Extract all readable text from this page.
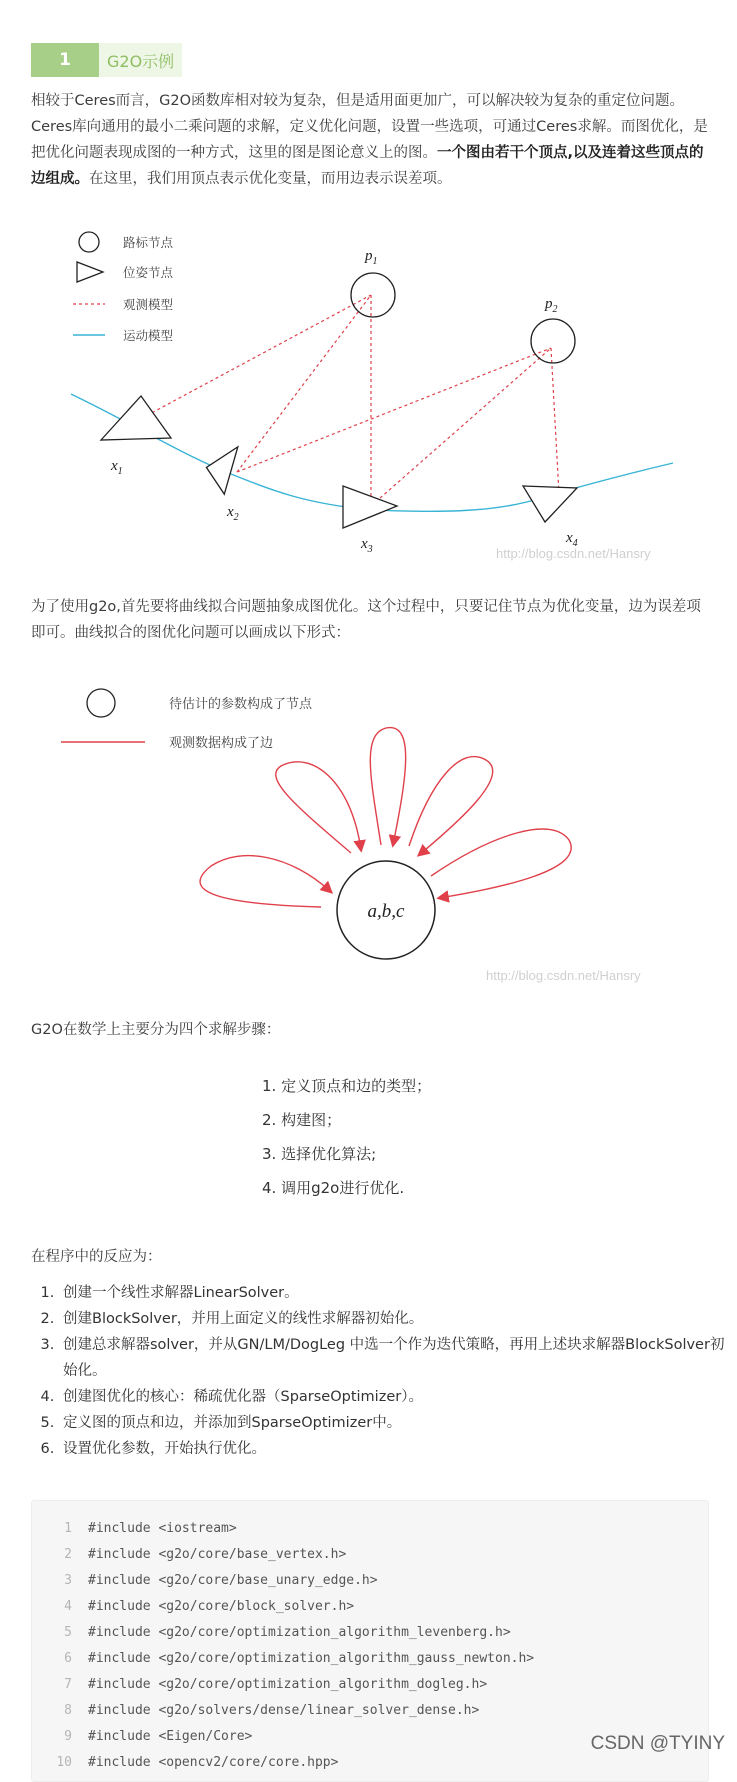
1	G2O示例
相较于Ceres而言，G2O函数库相对较为复杂，但是适用面更加广，可以解决较为复杂的重定位问题。Ceres库向通用的最小二乘问题的求解，定义优化问题，设置一些选项，可通过Ceres求解。而图优化，是把优化问题表现成图的一种方式，这里的图是图论意义上的图。一个图由若干个顶点,以及连着这些顶点的边组成。在这里，我们用顶点表示优化变量，而用边表示误差项。
路标节点
位姿节点
观测模型
运动模型
$p_1$
$p_2$
$x_1$
$x_2$
$x_3$
$x_4$
http://blog.csdn.net/Hansry
为了使用g2o,首先要将曲线拟合问题抽象成图优化。这个过程中，只要记住节点为优化变量，边为误差项即可。曲线拟合的图优化问题可以画成以下形式：
待估计的参数构成了节点
观测数据构成了边
a,b,c
http://blog.csdn.net/Hansry
G2O在数学上主要分为四个求解步骤：
1. 定义顶点和边的类型；
2. 构建图；
3. 选择优化算法;
4. 调用g2o进行优化.
在程序中的反应为：
1. 创建一个线性求解器LinearSolver。
2. 创建BlockSolver，并用上面定义的线性求解器初始化。
3. 创建总求解器solver，并从GN/LM/DogLeg 中选一个作为迭代策略，再用上述块求解器BlockSolver初始化。
4. 创建图优化的核心：稀疏优化器（SparseOptimizer）。
5. 定义图的顶点和边，并添加到SparseOptimizer中。
6. 设置优化参数，开始执行优化。
1	#include <iostream>
2	#include <g2o/core/base_vertex.h>
3	#include <g2o/core/base_unary_edge.h>
4	#include <g2o/core/block_solver.h>
5	#include <g2o/core/optimization_algorithm_levenberg.h>
6	#include <g2o/core/optimization_algorithm_gauss_newton.h>
7	#include <g2o/core/optimization_algorithm_dogleg.h>
8	#include <g2o/solvers/dense/linear_solver_dense.h>
9	#include <Eigen/Core>
10	#include <opencv2/core/core.hpp>
CSDN @TYINY
